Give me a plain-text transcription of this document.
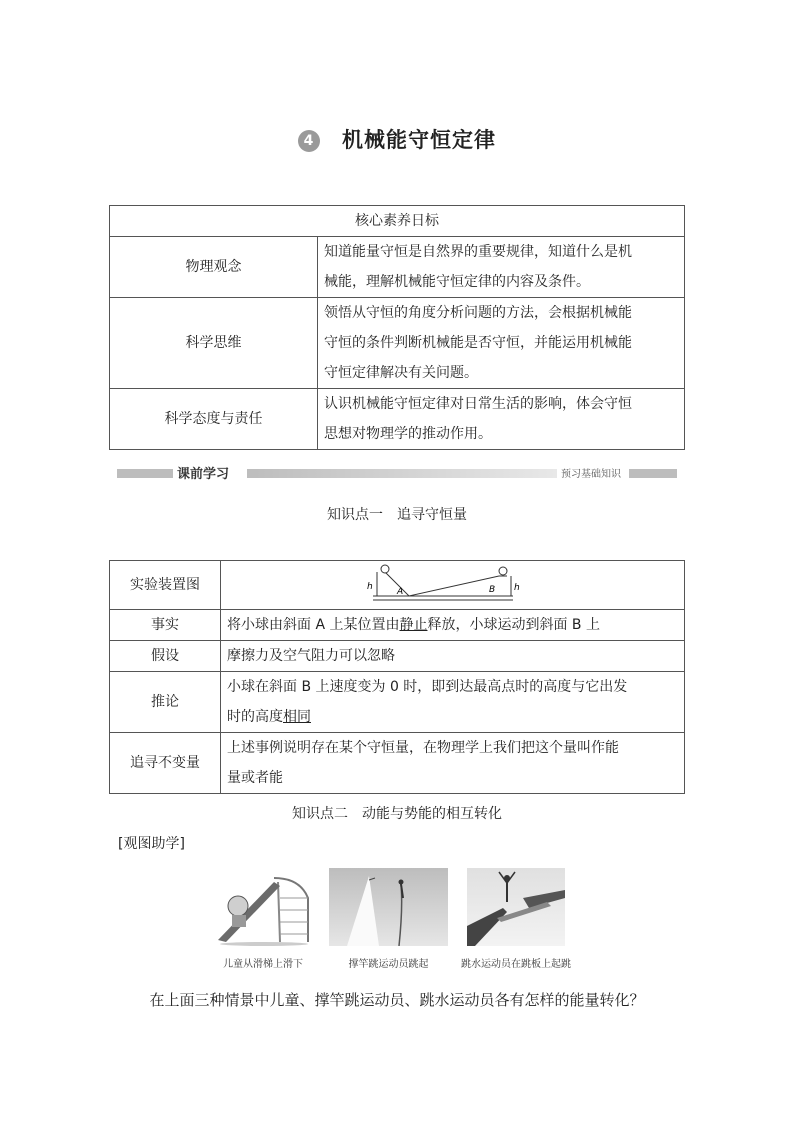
4 机械能守恒定律
核心素养日标	
物理观念	知道能量守恒是自然界的重要规律，知道什么是机
械能，理解机械能守恒定律的内容及条件。

科学思维	领悟从守恒的角度分析问题的方法，会根据机械能
守恒的条件判断机械能是否守恒，并能运用机械能
守恒定律解决有关问题。

科学态度与责任	认识机械能守恒定律对日常生活的影响，体会守恒
思想对物理学的推动作用。
课前学习	预习基础知识
知识点一　追寻守恒量
实验装置图	h A B h

事实	将小球由斜面 A 上某位置由静止释放，小球运动到斜面 B 上
假设	摩擦力及空气阻力可以忽略
推论	小球在斜面 B 上速度变为 0 时，即到达最高点时的高度与它出发
时的高度相同

追寻不变量	上述事例说明存在某个守恒量，在物理学上我们把这个量叫作能
量或者能
知识点二　动能与势能的相互转化
[观图助学]
儿童从滑梯上滑下	撑竿跳运动员跳起	跳水运动员在跳板上起跳
在上面三种情景中儿童、撑竿跳运动员、跳水运动员各有怎样的能量转化？
